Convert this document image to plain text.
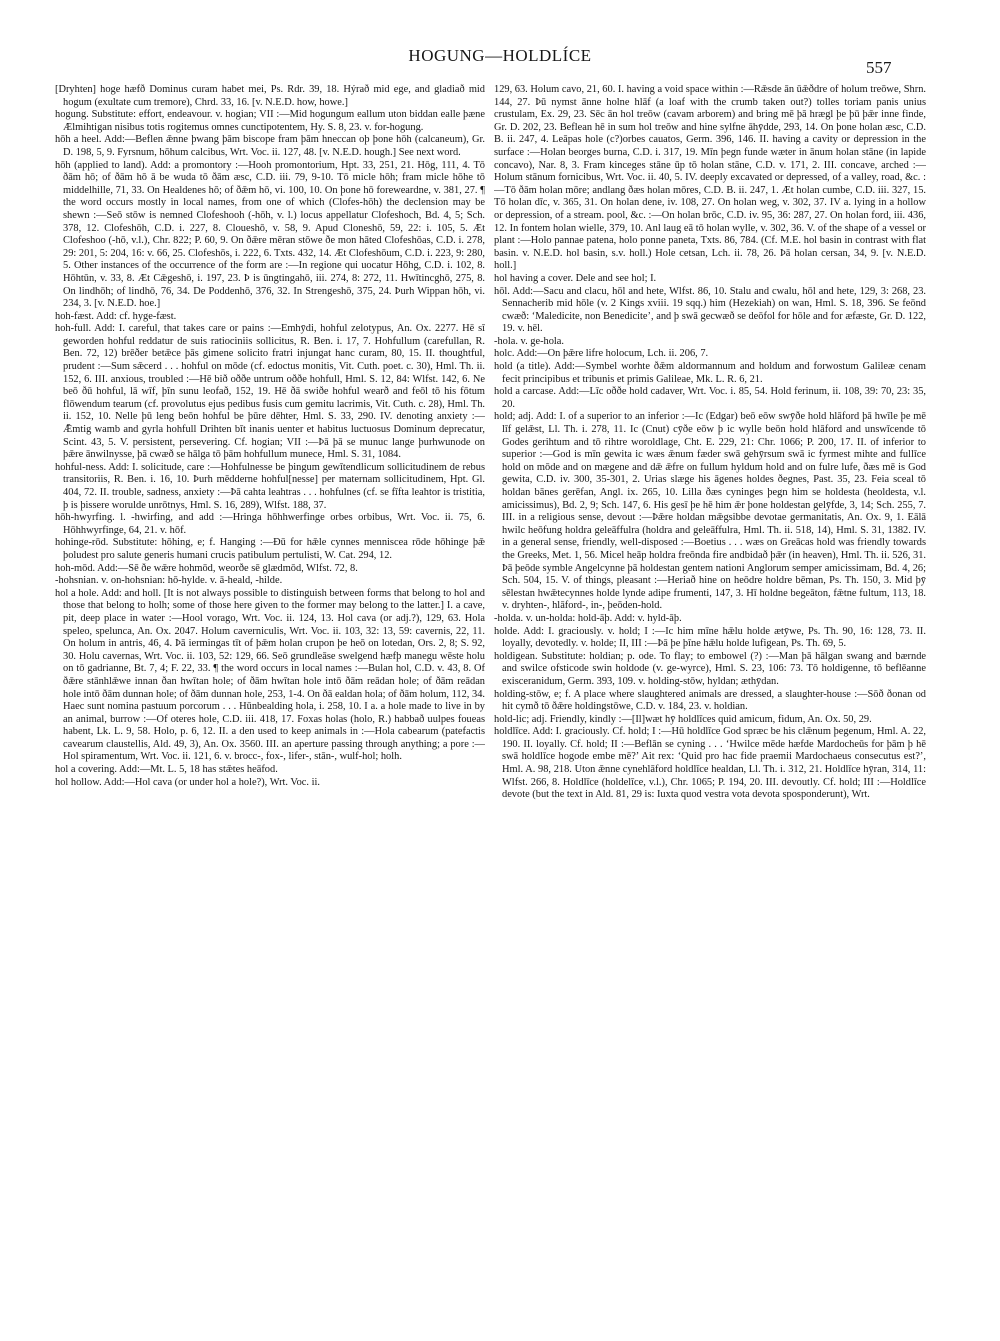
HOGUNG—HOLDLÍCE
557

[Dryhten] hoge hæfð Dominus curam habet mei, Ps. Rdr. 39, 18. Hýrað mid ege, and gladiað mid hogum (exultate cum tremore), Chrd. 33, 16. [v. N.E.D. how, howe.]

hogung. Substitute: effort, endeavour. v. hogian; VII :—Mid hogungum eallum uton biddan ealle þæne Ælmihtigan nisibus totis rogitemus omnes cunctipotentem, Hy. S. 8, 23. v. for-hogung.

hōh a heel. Add:—Beflen ǣnne þwang þām biscope fram þām hneccan oþ þone hōh (calcaneum), Gr. D. 198, 5, 9. Fyrsnum, hōhum calcibus, Wrt. Voc. ii. 127, 48. [v. N.E.D. hough.] See next word.

hōh (applied to land). Add: a promontory :—Hooh promontorium, Hpt. 33, 251, 21. Hōg, 111, 4. Tō ðām hō; of ðām hō ā be wuda tō ðām æsc, C.D. iii. 79, 9-10. Tō micle hōh; fram micle hōhe tō middelhille, 71, 33. On Healdenes hō; of ðǣm hō, vi. 100, 10. On þone hō foreweardne, v. 381, 27. ¶ the word occurs mostly in local names, from one of which (Clofes-hōh) the declension may be shewn :—Seō stōw is nemned Clofeshooh (-hōh, v. l.) locus appellatur Clofeshoch, Bd. 4, 5; Sch. 378, 12. Clofeshōh, C.D. i. 227, 8. Cloueshō, v. 58, 9. Apud Cloneshō, 59, 22: i. 105, 5. Æt Clofeshoo (-hō, v.l.), Chr. 822; P. 60, 9. On ðǣre mēran stōwe ðe mon hāted Clofeshōas, C.D. i. 278, 29: 201, 5: 204, 16: v. 66, 25. Clofeshōs, i. 222, 6. Txts. 432, 14. Æt Clofeshōum, C.D. i. 223, 9: 280, 5. Other instances of the occurrence of the form are :—In regione qui uocatur Hōhg, C.D. i. 102, 8. Hōhtūn, v. 33, 8. Æt Cǣgeshō, i. 197, 23. Þ is ūngtingahō, iii. 274, 8: 272, 11. Hwītincghō, 275, 8. On lindhōh; of lindhō, 76, 34. De Poddenhō, 376, 32. In Strengeshō, 375, 24. Þurh Wippan hōh, vi. 234, 3. [v. N.E.D. hoe.]

hoh-fæst. Add: cf. hyge-fæst.

hoh-full. Add: I. careful, that takes care or pains :—Emhȳdi, hohful zelotypus, An. Ox. 2277. Hē sī geworden hohful reddatur de suis ratiociniis sollicitus, R. Ben. i. 17, 7. Hohfullum (carefullan, R. Ben. 72, 12) brēðer betǣce þās gimene solicito fratri injungat hanc curam, 80, 15. II. thoughtful, prudent :—Sum sǣcerd . . . hohful on mōde (cf. edoctus monitis, Vit. Cuth. poet. c. 30), Hml. Th. ii. 152, 6. III. anxious, troubled :—Hē bið oððe untrum oððe hohfull, Hml. S. 12, 84: Wlfst. 142, 6. Ne beō ðū hohful, lā wīf, þīn sunu leofað, 152, 19. Hē ðā swiðe hohful wearð and feōl tō his fōtum flōwendum tearum (cf. provolutus ejus pedibus fusis cum gemitu lacrimis, Vit. Cuth. c. 28), Hml. Th. ii. 152, 10. Nelle þū leng beōn hohful be þūre dēhter, Hml. S. 33, 290. IV. denoting anxiety :—Ǣmtig wamb and gyrla hohfull Drihten bīt inanis uenter et habitus luctuosus Dominum deprecatur, Scint. 43, 5. V. persistent, persevering. Cf. hogian; VII :—Þā þā se munuc lange þurhwunode on þǣre ānwilnysse, þā cwæð se hālga tō þām hohfullum munece, Hml. S. 31, 1084.

hohful-ness. Add: I. solicitude, care :—Hohfulnesse be þingum gewītendlicum sollicitudinem de rebus transitoriis, R. Ben. i. 16, 10. Þurh mēdderne hohful[nesse] per maternam sollicitudinem, Hpt. Gl. 404, 72. II. trouble, sadness, anxiety :—Þā cahta leahtras . . . hohfulnes (cf. se fīfta leahtor is tristitia, þ is þissere worulde unrōtnys, Hml. S. 16, 289), Wlfst. 188, 37.

hōh-hwyrfing. l. -hwirfing, and add :—Hringa hōhhwerfinge orbes orbibus, Wrt. Voc. ii. 75, 6. Hōhhwyrfinge, 64, 21. v. hōf.

hohinge-rōd. Substitute: hōhing, e; f. Hanging :—Ðū for hǣle cynnes menniscea rōde hōhinge þǣ þoludest pro salute generis humani crucis patibulum pertulisti, W. Cat. 294, 12.

hoh-mōd. Add:—Sē ðe wǣre hohmōd, weorðe sē glædmōd, Wlfst. 72, 8.

-hohsnian. v. on-hohsnian: hō-hylde. v. ā-heald, -hilde.

hol a hole. Add: and holl. [It is not always possible to distinguish between forms that belong to hol and those that belong to holh; some of those here given to the former may belong to the latter.] I. a cave, pit, deep place in water :—Hool vorago, Wrt. Voc. ii. 124, 13. Hol cava (or adj.?), 129, 63. Hola speleo, spelunca, An. Ox. 2047. Holum caverniculis, Wrt. Voc. ii. 103, 32: 13, 59: cavernis, 22, 11. On holum in antris, 46, 4. Þā iermingas tīt of þǣm holan crupon þe heō on lotedan, Ors. 2, 8; S. 92, 30. Holu cavernas, Wrt. Voc. ii. 103, 52: 129, 66. Seō grundleāse swelgend hæfþ manegu wēste holu on tō gadrianne, Bt. 7, 4; F. 22, 33. ¶ the word occurs in local names :—Bulan hol, C.D. v. 43, 8. Of ðǣre stānhlǣwe innan ðan hwītan hole; of ðām hwītan hole intō ðām reādan hole; of ðām reādan hole intō ðām dunnan hole; of ðām dunnan hole, 253, 1-4. On ðā ealdan hola; of ðām holum, 112, 34. Haec sunt nomina pastuum porcorum . . . Hūnbealding hola, i. 258, 10. I a. a hole made to live in by an animal, burrow :—Of oteres hole, C.D. iii. 418, 17. Foxas holas (holo, R.) habbað uulpes foueas habent, Lk. L. 9, 58. Holo, p. 6, 12. II. a den used to keep animals in :—Hola cabearum (patefactis cavearum claustellis, Ald. 49, 3), An. Ox. 3560. III. an aperture passing through anything; a pore :—Hol spiramentum, Wrt. Voc. ii. 121, 6. v. brocc-, fox-, lifer-, stān-, wulf-hol; holh.

hol a covering. Add:—Mt. L. 5, 18 has stǣtes heāfod.

hol hollow. Add:—Hol cava (or under hol a hole?), Wrt. Voc. ii.

129, 63. Holum cavo, 21, 60. I. having a void space within :—Rǣsde ān ūǣðdre of holum treōwe, Shrn. 144, 27. Þū nymst ānne holne hlāf (a loaf with the crumb taken out?) tolles toriam panis unius crustulam, Ex. 29, 23. Sēc ān hol treōw (cavam arborem) and bring mē þā hrægl þe þū þǣr inne finde, Gr. D. 202, 23. Beflean hē in sum hol treōw and hine sylfne āhȳdde, 293, 14. On þone holan æsc, C.D. B. ii. 247, 4. Leāpas hole (c?)orbes cauatos, Germ. 396, 146. II. having a cavity or depression in the surface :—Holan beorges burna, C.D. i. 317, 19. Mīn þegn funde wæter in ānum holan stāne (in lapide concavo), Nar. 8, 3. Fram kinceges stāne ūp tō holan stāne, C.D. v. 171, 2. III. concave, arched :—Holum stānum fornicibus, Wrt. Voc. ii. 40, 5. IV. deeply excavated or depressed, of a valley, road, &c. :—Tō ðām holan mōre; andlang ðæs holan mōres, C.D. B. ii. 247, 1. Æt holan cumbe, C.D. iii. 327, 15. Tō holan dīc, v. 365, 31. On holan dene, iv. 108, 27. On holan weg, v. 302, 37. IV a. lying in a hollow or depression, of a stream. pool, &c. :—On holan brōc, C.D. iv. 95, 36: 287, 27. On holan ford, iii. 436, 12. In fontem holan wielle, 379, 10. Anl laug eā tō holan wylle, v. 302, 36. V. of the shape of a vessel or plant :—Holo pannae patena, holo ponne paneta, Txts. 86, 784. (Cf. M.E. hol basin in contrast with flat basin. v. N.E.D. hol basin, s.v. holl.) Hole cetsan, Lch. ii. 78, 26. Þā holan cersan, 34, 9. [v. N.E.D. holl.]

hol having a cover. Dele and see hol; I.

hōl. Add:—Sacu and clacu, hōl and hete, Wlfst. 86, 10. Stalu and cwalu, hōl and hete, 129, 3: 268, 23. Sennacherib mid hōle (v. 2 Kings xviii. 19 sqq.) him (Hezekiah) on wan, Hml. S. 18, 396. Se feōnd cwæð: ‘Maledicite, non Benedicite’, and þ swā gecwæð se deōfol for hōle and for æfæste, Gr. D. 122, 19. v. hēl.

-hola. v. ge-hola.

holc. Add:—On þǣre lifre holocum, Lch. ii. 206, 7.

hold (a title). Add:—Symbel worhte ðǣm aldormannum and holdum and forwostum Galileæ cenam fecit principibus et tribunis et primis Galileae, Mk. L. R. 6, 21.

hold a carcase. Add:—Līc oððe hold cadaver, Wrt. Voc. i. 85, 54. Hold ferinum, ii. 108, 39: 70, 23: 35, 20.

hold; adj. Add: I. of a superior to an inferior :—Ic (Edgar) beō eōw swȳðe hold hlāford þā hwīle þe mē līf gelǣst, Ll. Th. i. 278, 11. Ic (Cnut) cȳðe eōw þ ic wylle beōn hold hlāford and unswīcende tō Godes gerihtum and tō rihtre woroldlage, Cht. E. 229, 21: Chr. 1066; P. 200, 17. II. of inferior to superior :—God is mīn gewita ic wæs ǣnum fæder swā gehȳrsum swā ic fyrmest mihte and fullīce hold on mōde and on mægene and dǣ ǣfre on fullum hyldum hold and on fulre lufe, ðæs mē is God gewita, C.D. iv. 300, 35-301, 2. Urias slæge his āgenes holdes ðegnes, Past. 35, 23. Feia sceal tō holdan bānes gerēfan, Angl. ix. 265, 10. Lilla ðæs cyninges þegn him se holdesta (heoldesta, v.l. amicissimus), Bd. 2, 9; Sch. 147, 6. His gesī þe hē him ǣr þone holdestan gelȳfde, 3, 14; Sch. 255, 7. III. in a religious sense, devout :—Þǣre holdan mǣgsibbe devotae germanitatis, An. Ox. 9, 1. Eālā hwilc heōfung holdra geleāffulra (holdra and geleāffulra, Hml. Th. ii. 518, 14), Hml. S. 31, 1382. IV. in a general sense, friendly, well-disposed :—Boetius . . . wæs on Greācas hold was friendly towards the Greeks, Met. 1, 56. Micel heāp holdra freōnda fire andbidað þǣr (in heaven), Hml. Th. ii. 526, 31. Þā þeōde symble Angelcynne þā holdestan gentem nationi Anglorum semper amicissimam, Bd. 4, 26; Sch. 504, 15. V. of things, pleasant :—Heriað hine on heōdre holdre bēman, Ps. Th. 150, 3. Mid þȳ sēlestan hwǣtecynnes holde lynde adipe frumenti, 147, 3. Hī holdne begeāton, fǣtne fultum, 113, 18. v. dryhten-, hlāford-, in-, þeōden-hold.

-holda. v. un-holda: hold-āþ. Add: v. hyld-āþ.

holde. Add: I. graciously. v. hold; I :—Ic him mīne hǣlu holde ætȳwe, Ps. Th. 90, 16: 128, 73. II. loyally, devotedly. v. holde; II, III :—Þā þe þīne hǣlu holde lufigean, Ps. Th. 69, 5.

holdigean. Substitute: holdian; p. ode. To flay; to embowel (?) :—Man þā hālgan swang and bærnde and swilce ofsticode swin holdode (v. ge-wyrce), Hml. S. 23, 106: 73. Tō holdigenne, tō beflēanne exisceranidum, Germ. 393, 109. v. holding-stōw, hyldan; æthȳdan.

holding-stōw, e; f. A place where slaughtered animals are dressed, a slaughter-house :—Sōð ðonan od hit cymð tō ðǣre holdingstōwe, C.D. v. 184, 23. v. holdian.

hold-lic; adj. Friendly, kindly :—[Il]wæt hȳ holdlīces quid amicum, fidum, An. Ox. 50, 29.

holdlīce. Add: I. graciously. Cf. hold; I :—Hū holdlīce God spræc be his clǣnum þegenum, Hml. A. 22, 190. II. loyally. Cf. hold; II :—Beflān se cyning . . . ‘Hwilce mēde hæfde Mardocheūs for þām þ hē swā holdlīce hogode embe mē?’ Ait rex: ‘Quid pro hac fide praemii Mardochaeus consecutus est?’, Hml. A. 98, 218. Uton ǣnne cynehlāford holdlīce healdan, Ll. Th. i. 312, 21. Holdlīce hȳran, 314, 11: Wlfst. 266, 8. Holdlīce (holdelīce, v.l.), Chr. 1065; P. 194, 20. III. devoutly. Cf. hold; III :—Holdlīce devote (but the text in Ald. 81, 29 is: Iuxta quod vestra vota devota sposponderunt), Wrt.
